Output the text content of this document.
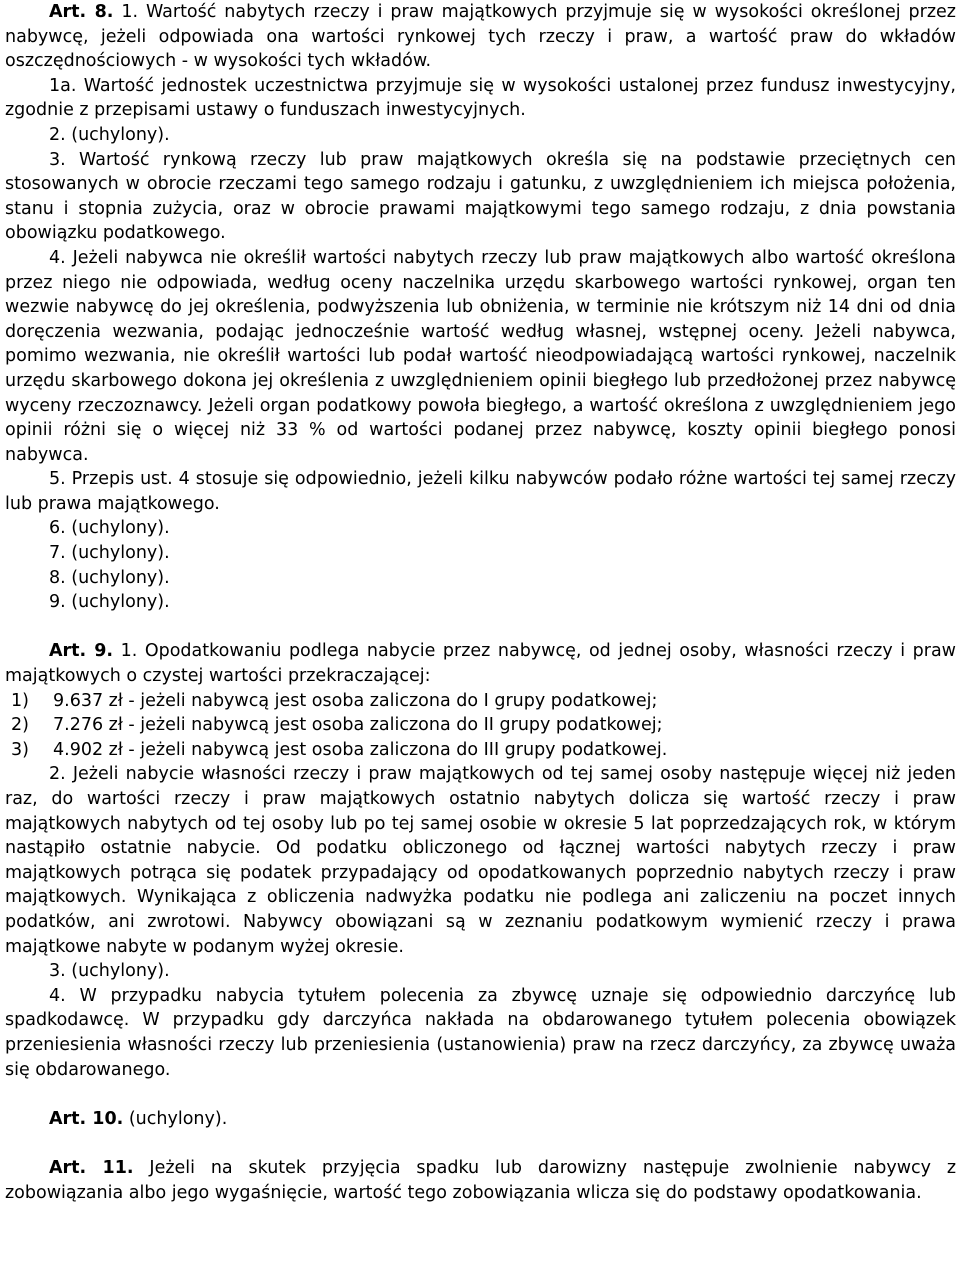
Art. 8. 1. Wartość nabytych rzeczy i praw majątkowych przyjmuje się w wysokości określonej przez nabywcę, jeżeli odpowiada ona wartości rynkowej tych rzeczy i praw, a wartość praw do wkładów oszczędnościowych - w wysokości tych wkładów.

1a. Wartość jednostek uczestnictwa przyjmuje się w wysokości ustalonej przez fundusz inwestycyjny, zgodnie z przepisami ustawy o funduszach inwestycyjnych.

2. (uchylony).

3. Wartość rynkową rzeczy lub praw majątkowych określa się na podstawie przeciętnych cen stosowanych w obrocie rzeczami tego samego rodzaju i gatunku, z uwzględnieniem ich miejsca położenia, stanu i stopnia zużycia, oraz w obrocie prawami majątkowymi tego samego rodzaju, z dnia powstania obowiązku podatkowego.

4. Jeżeli nabywca nie określił wartości nabytych rzeczy lub praw majątkowych albo wartość określona przez niego nie odpowiada, według oceny naczelnika urzędu skarbowego wartości rynkowej, organ ten wezwie nabywcę do jej określenia, podwyższenia lub obniżenia, w terminie nie krótszym niż 14 dni od dnia doręczenia wezwania, podając jednocześnie wartość według własnej, wstępnej oceny. Jeżeli nabywca, pomimo wezwania, nie określił wartości lub podał wartość nieodpowiadającą wartości rynkowej, naczelnik urzędu skarbowego dokona jej określenia z uwzględnieniem opinii biegłego lub przedłożonej przez nabywcę wyceny rzeczoznawcy. Jeżeli organ podatkowy powoła biegłego, a wartość określona z uwzględnieniem jego opinii różni się o więcej niż 33 % od wartości podanej przez nabywcę, koszty opinii biegłego ponosi nabywca.

5. Przepis ust. 4 stosuje się odpowiednio, jeżeli kilku nabywców podało różne wartości tej samej rzeczy lub prawa majątkowego.

6. (uchylony).

7. (uchylony).

8. (uchylony).

9. (uchylony).

Art. 9. 1. Opodatkowaniu podlega nabycie przez nabywcę, od jednej osoby, własności rzeczy i praw majątkowych o czystej wartości przekraczającej:

1)	9.637 zł - jeżeli nabywcą jest osoba zaliczona do I grupy podatkowej;
2)	7.276 zł - jeżeli nabywcą jest osoba zaliczona do II grupy podatkowej;
3)	4.902 zł - jeżeli nabywcą jest osoba zaliczona do III grupy podatkowej.

2. Jeżeli nabycie własności rzeczy i praw majątkowych od tej samej osoby następuje więcej niż jeden raz, do wartości rzeczy i praw majątkowych ostatnio nabytych dolicza się wartość rzeczy i praw majątkowych nabytych od tej osoby lub po tej samej osobie w okresie 5 lat poprzedzających rok, w którym nastąpiło ostatnie nabycie. Od podatku obliczonego od łącznej wartości nabytych rzeczy i praw majątkowych potrąca się podatek przypadający od opodatkowanych poprzednio nabytych rzeczy i praw majątkowych. Wynikająca z obliczenia nadwyżka podatku nie podlega ani zaliczeniu na poczet innych podatków, ani zwrotowi. Nabywcy obowiązani są w zeznaniu podatkowym wymienić rzeczy i prawa majątkowe nabyte w podanym wyżej okresie.

3. (uchylony).

4. W przypadku nabycia tytułem polecenia za zbywcę uznaje się odpowiednio darczyńcę lub spadkodawcę. W przypadku gdy darczyńca nakłada na obdarowanego tytułem polecenia obowiązek przeniesienia własności rzeczy lub przeniesienia (ustanowienia) praw na rzecz darczyńcy, za zbywcę uważa się obdarowanego.

Art. 10. (uchylony).

Art. 11. Jeżeli na skutek przyjęcia spadku lub darowizny następuje zwolnienie nabywcy z zobowiązania albo jego wygaśnięcie, wartość tego zobowiązania wlicza się do podstawy opodatkowania.
